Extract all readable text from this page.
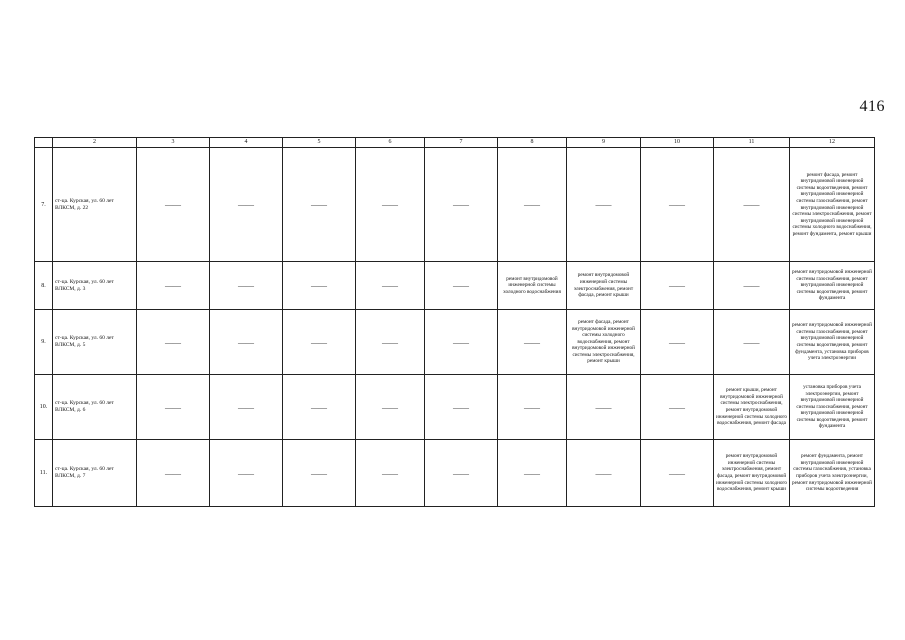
416
	2	3	4	5	6	7	8	9	10	11	12
7.	ст-ца. Курская, ул. 60 лет ВЛКСМ, д. 22	——	——	——	——	——	——	——	——	——	ремонт фасада, ремонт внутридомовой инженерной системы водоотведения, ремонт внутридомовой инженерной системы газоснабжения, ремонт внутридомовой инженерной системы электроснабжения, ремонт внутридомовой инженерной системы холодного водоснабжения, ремонт фундамента, ремонт крыши
8.	ст-ца. Курская, ул. 60 лет ВЛКСМ, д. 3	——	——	——	——	——	ремонт внутридомовой инженерной системы холодного водоснабжения	ремонт внутридомовой инженерной системы электроснабжения, ремонт фасада, ремонт крыши	——	——	ремонт внутридомовой инженерной системы газоснабжения, ремонт внутридомовой инженерной системы водоотведения, ремонт фундамента
9.	ст-ца. Курская, ул. 60 лет ВЛКСМ, д. 5	——	——	——	——	——	——	ремонт фасада, ремонт внутридомовой инженерной системы холодного водоснабжения, ремонт внутридомовой инженерной системы электроснабжения, ремонт крыши	——	——	ремонт внутридомовой инженерной системы газоснабжения, ремонт внутридомовой инженерной системы водоотведения, ремонт фундамента, установка приборов учета электроэнергии
10.	ст-ца. Курская, ул. 60 лет ВЛКСМ, д. 6	——	——	——	——	——	——	——	——	ремонт крыши, ремонт внутридомовой инженерной системы электроснабжения, ремонт внутридомовой инженерной системы холодного водоснабжения, ремонт фасада	установка приборов учета электроэнергии, ремонт внутридомовой инженерной системы газоснабжения, ремонт внутридомовой инженерной системы водоотведения, ремонт фундамента
11.	ст-ца. Курская, ул. 60 лет ВЛКСМ, д. 7	——	——	——	——	——	——	——	——	ремонт внутридомовой инженерной системы электроснабжения, ремонт фасада, ремонт внутридомовой инженерной системы холодного водоснабжения, ремонт крыши	ремонт фундамента, ремонт внутридомовой инженерной системы газоснабжения, установка приборов учета электроэнергии, ремонт внутридомовой инженерной системы водоотведения
